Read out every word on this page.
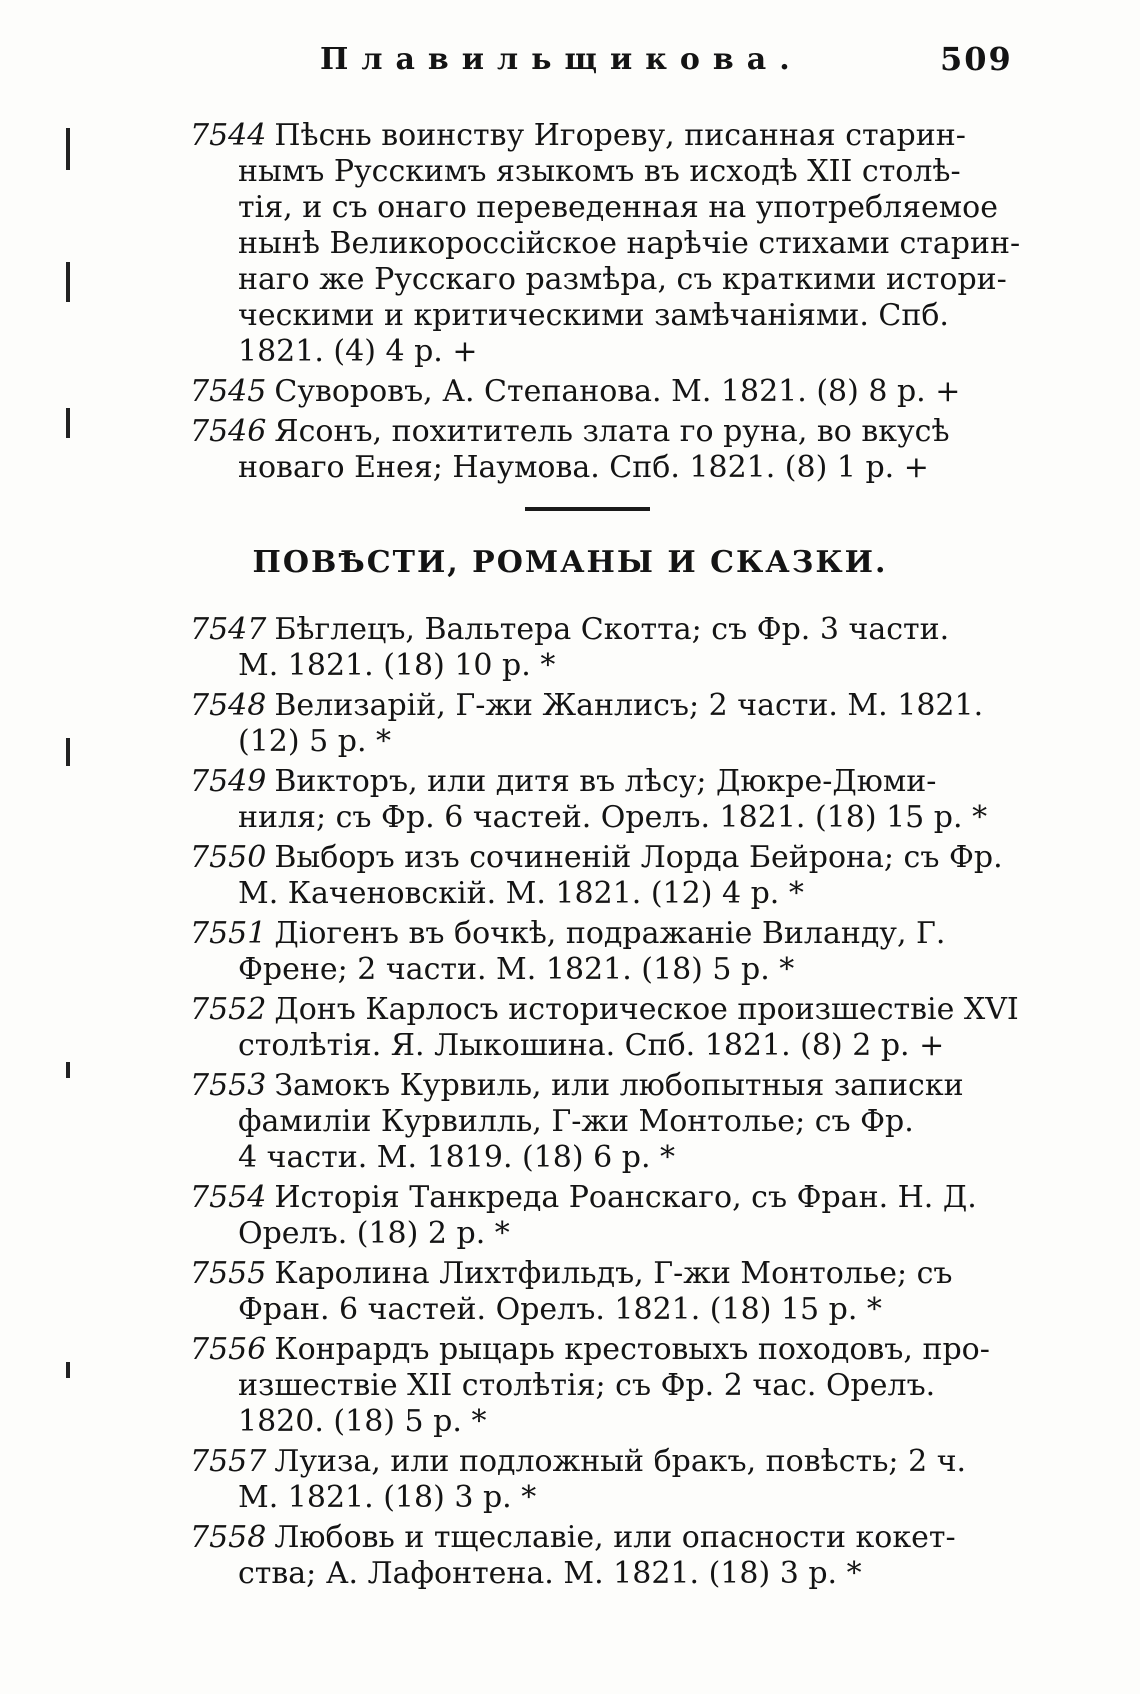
Плавильщикова.	509
7544 Пѣснь воинству Игореву, писанная старин-
нымъ Русскимъ языкомъ въ исходѣ XII столѣ-
тія, и съ онаго переведенная на употребляемое
нынѣ Великороссійское нарѣчіе стихами старин-
наго же Русскаго размѣра, съ краткими истори-
ческими и критическими замѣчаніями. Спб.
1821. (4) 4 р. +
7545 Суворовъ, А. Степанова. М. 1821. (8) 8 р. +
7546 Ясонъ, похититель злата го руна, во вкусѣ
новаго Енея; Наумова. Спб. 1821. (8) 1 р. +
ПОВѢСТИ, РОМАНЫ И СКАЗКИ.
7547 Бѣглецъ, Вальтера Скотта; съ Фр. 3 части.
М. 1821. (18) 10 р. *
7548 Велизарій, Г-жи Жанлисъ; 2 части. М. 1821.
(12) 5 р. *
7549 Викторъ, или дитя въ лѣсу; Дюкре-Дюми-
ниля; съ Фр. 6 частей. Орелъ. 1821. (18) 15 р. *
7550 Выборъ изъ сочиненій Лорда Бейрона; съ Фр.
М. Каченовскій. М. 1821. (12) 4 р. *
7551 Діогенъ въ бочкѣ, подражаніе Виланду, Г.
Френе; 2 части. М. 1821. (18) 5 р. *
7552 Донъ Карлосъ историческое произшествіе XVI
столѣтія. Я. Лыкошина. Спб. 1821. (8) 2 р. +
7553 Замокъ Курвиль, или любопытныя записки
фамиліи Курвилль, Г-жи Монтолье; съ Фр.
4 части. М. 1819. (18) 6 р. *
7554 Исторія Танкреда Роанскаго, съ Фран. Н. Д.
Орелъ. (18) 2 р. *
7555 Каролина Лихтфильдъ, Г-жи Монтолье; съ
Фран. 6 частей. Орелъ. 1821. (18) 15 р. *
7556 Конрардъ рыцарь крестовыхъ походовъ, про-
изшествіе XII столѣтія; съ Фр. 2 час. Орелъ.
1820. (18) 5 р. *
7557 Луиза, или подложный бракъ, повѣсть; 2 ч.
М. 1821. (18) 3 р. *
7558 Любовь и тщеславіе, или опасности кокет-
ства; А. Лафонтена. М. 1821. (18) 3 р. *
